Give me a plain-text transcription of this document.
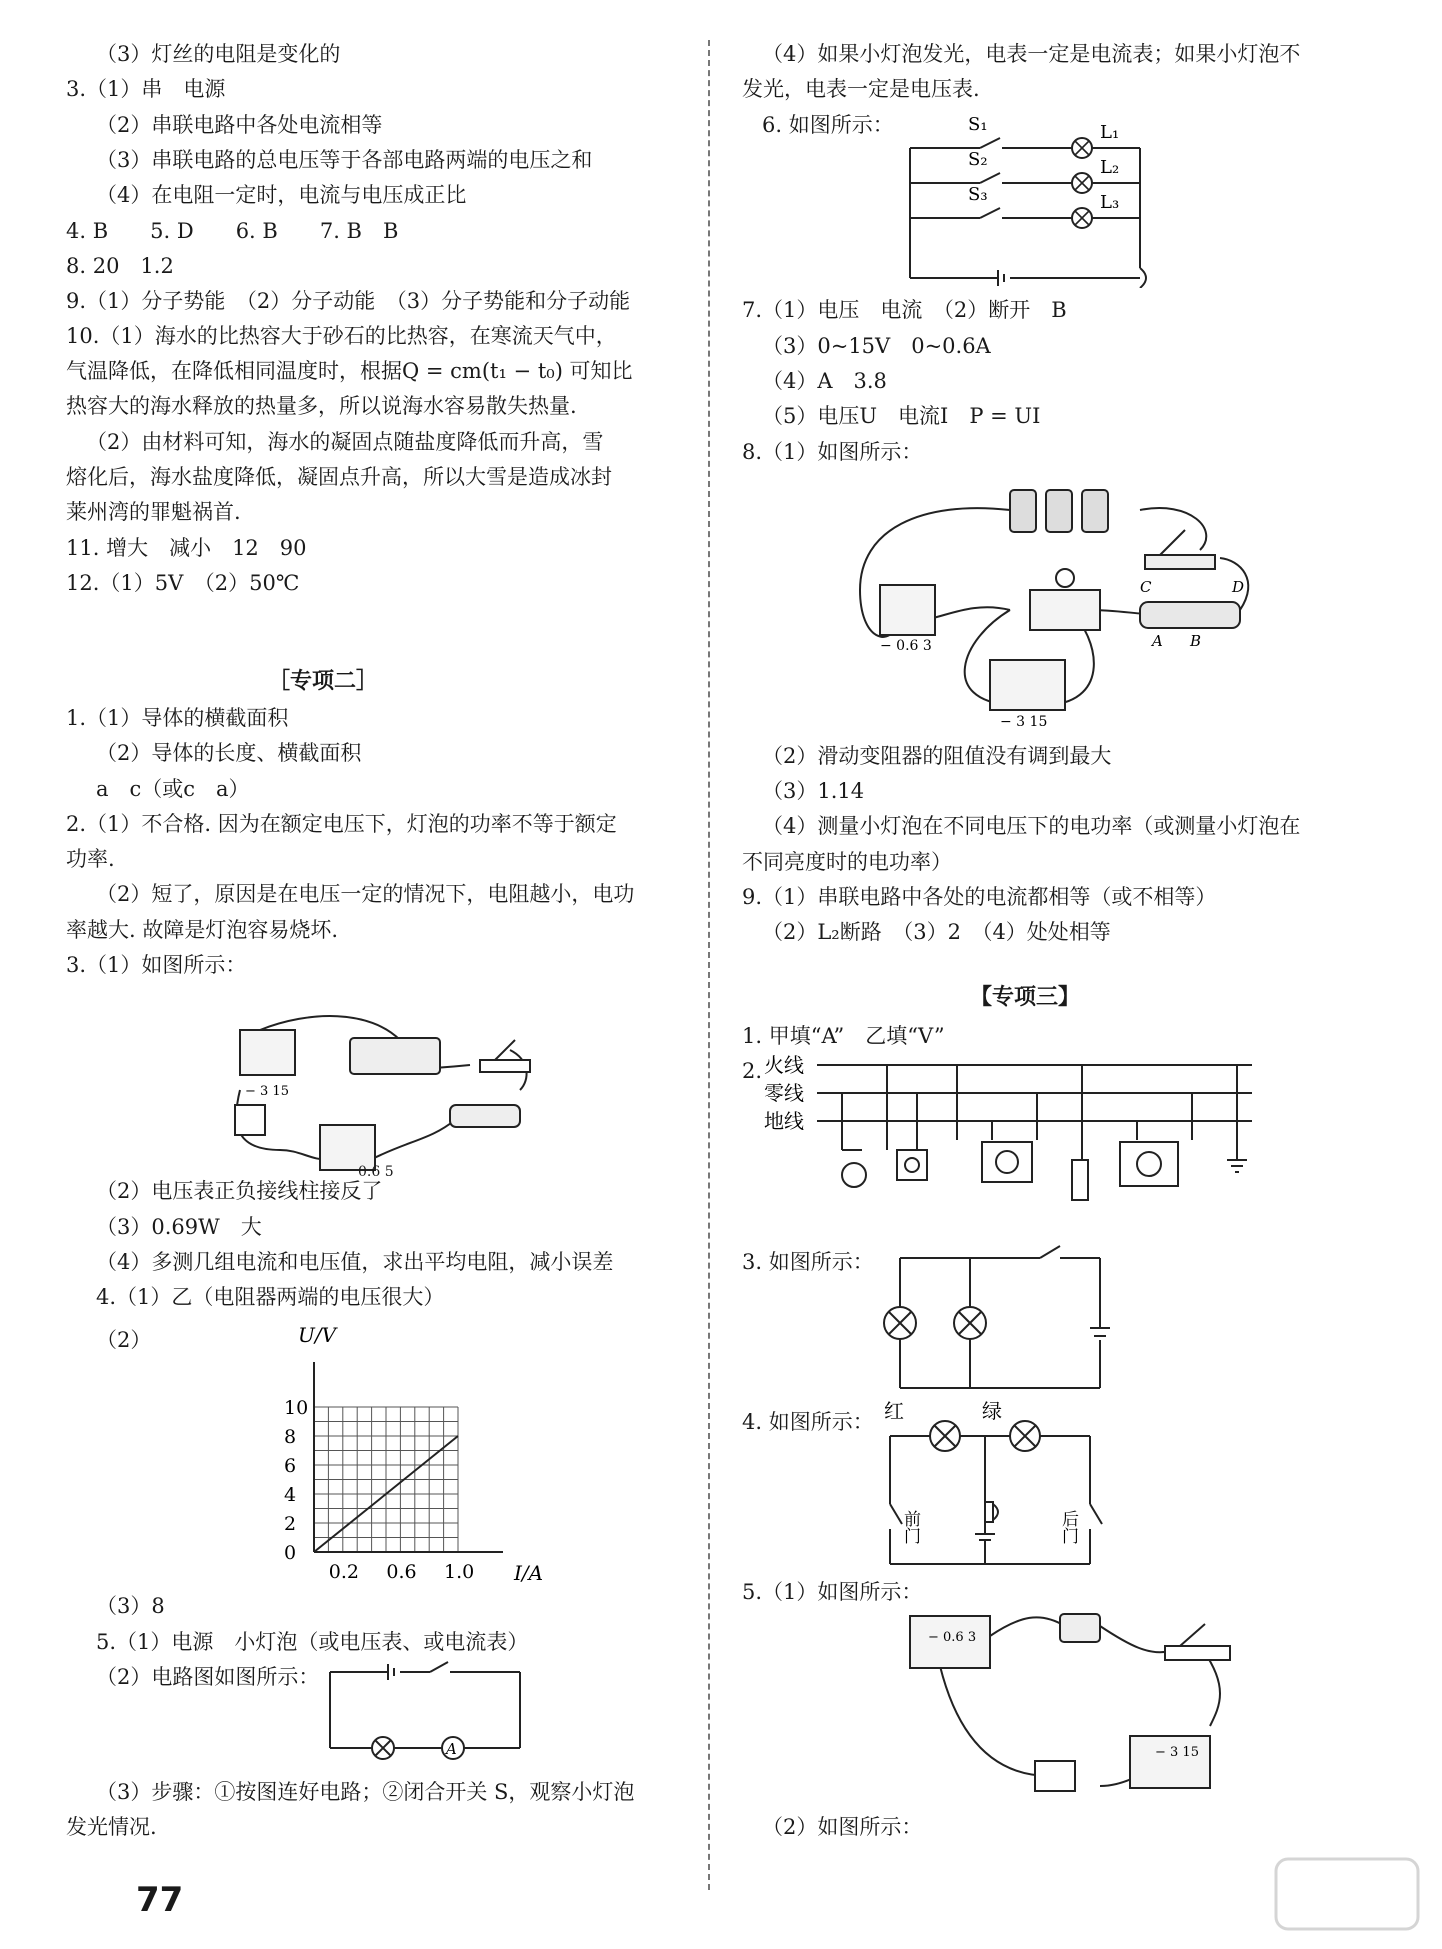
（3）灯丝的电阻是变化的
3.（1）串　电源
（2）串联电路中各处电流相等
（3）串联电路的总电压等于各部电路两端的电压之和
（4）在电阻一定时，电流与电压成正比
4. B　　5. D　　6. B　　7. B　B
8. 20　1.2
9.（1）分子势能　（2）分子动能　（3）分子势能和分子动能
10.（1）海水的比热容大于砂石的比热容，在寒流天气中，
气温降低，在降低相同温度时，根据Q = cm(t₁ − t₀) 可知比
热容大的海水释放的热量多，所以说海水容易散失热量.
（2）由材料可知，海水的凝固点随盐度降低而升高，雪
熔化后，海水盐度降低，凝固点升高，所以大雪是造成冰封
莱州湾的罪魁祸首.
11. 增大　减小　12　90
12.（1）5V　（2）50℃
1.（1）导体的横截面积
（2）导体的长度、横截面积
a　c（或c　a）
2.（1）不合格. 因为在额定电压下，灯泡的功率不等于额定
功率.
（2）短了，原因是在电压一定的情况下，电阻越小，电功
率越大. 故障是灯泡容易烧坏.
3.（1）如图所示：
（2）电压表正负接线柱接反了
（3）0.69W　大
（4）多测几组电流和电压值，求出平均电阻，减小误差
4.（1）乙（电阻器两端的电压很大）
（2）
（3）8
5.（1）电源　小灯泡（或电压表、或电流表）
（2）电路图如图所示：
（3）步骤：①按图连好电路；②闭合开关 S，观察小灯泡
发光情况.
（4）如果小灯泡发光，电表一定是电流表；如果小灯泡不
发光，电表一定是电压表.
6. 如图所示：
7.（1）电压　电流　（2）断开　B
（3）0~15V　0~0.6A
（4）A　3.8
（5）电压U　电流I　P = UI
8.（1）如图所示：
（2）滑动变阻器的阻值没有调到最大
（3）1.14
（4）测量小灯泡在不同电压下的电功率（或测量小灯泡在
不同亮度时的电功率）
9.（1）串联电路中各处的电流都相等（或不相等）
（2）L₂断路　（3）2　（4）处处相等
1. 甲填“A”　乙填“V”
2.
3. 如图所示：
4. 如图所示：
5.（1）如图所示：
（2）如图所示：
［专项二］
【专项三】
S₁
S₂
S₃
L₁
L₂
L₃
− 0.6 3
− 3 15
C	D
A B
− 3 15
0.6 5
U/V
I/A
0
2
4
6
8
10
0.2 0.6 1.0
A
火线
零线
地线
红	绿
前门	后门
− 0.6 3
− 3 15
77
